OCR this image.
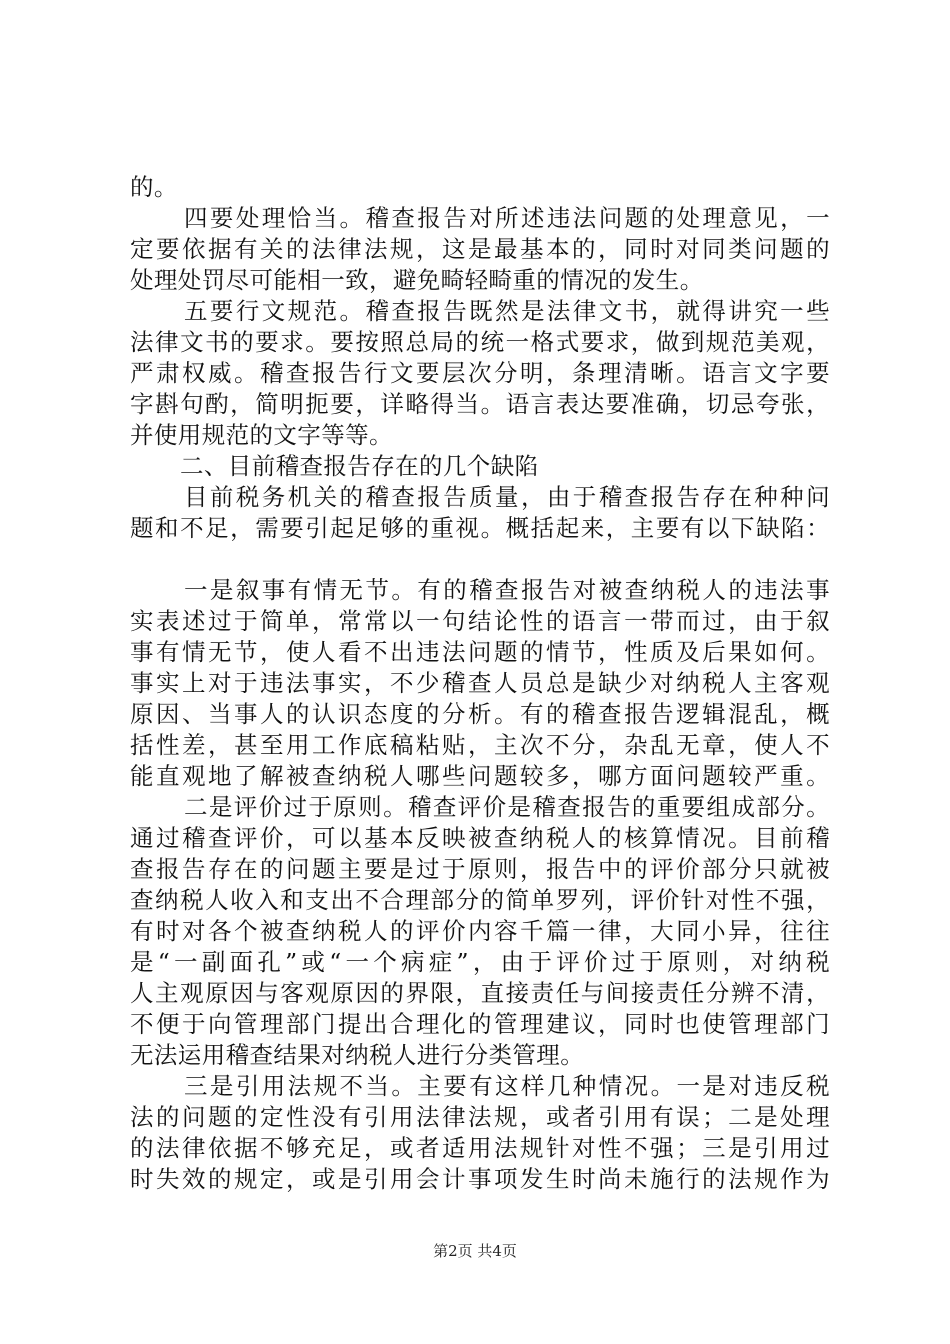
的。
四要处理恰当。稽查报告对所述违法问题的处理意见，一
定要依据有关的法律法规，这是最基本的，同时对同类问题的
处理处罚尽可能相一致，避免畸轻畸重的情况的发生。
五要行文规范。稽查报告既然是法律文书，就得讲究一些
法律文书的要求。要按照总局的统一格式要求，做到规范美观，
严肃权威。稽查报告行文要层次分明，条理清晰。语言文字要
字斟句酌，简明扼要，详略得当。语言表达要准确，切忌夸张，
并使用规范的文字等等。
二、目前稽查报告存在的几个缺陷
目前税务机关的稽查报告质量，由于稽查报告存在种种问
题和不足，需要引起足够的重视。概括起来，主要有以下缺陷：
一是叙事有情无节。有的稽查报告对被查纳税人的违法事
实表述过于简单，常常以一句结论性的语言一带而过，由于叙
事有情无节，使人看不出违法问题的情节，性质及后果如何。
事实上对于违法事实，不少稽查人员总是缺少对纳税人主客观
原因、当事人的认识态度的分析。有的稽查报告逻辑混乱，概
括性差，甚至用工作底稿粘贴，主次不分，杂乱无章，使人不
能直观地了解被查纳税人哪些问题较多，哪方面问题较严重。
二是评价过于原则。稽查评价是稽查报告的重要组成部分。
通过稽查评价，可以基本反映被查纳税人的核算情况。目前稽
查报告存在的问题主要是过于原则，报告中的评价部分只就被
查纳税人收入和支出不合理部分的简单罗列，评价针对性不强，
有时对各个被查纳税人的评价内容千篇一律，大同小异，往往
是“一副面孔”或“一个病症”，由于评价过于原则，对纳税
人主观原因与客观原因的界限，直接责任与间接责任分辨不清，
不便于向管理部门提出合理化的管理建议，同时也使管理部门
无法运用稽查结果对纳税人进行分类管理。
三是引用法规不当。主要有这样几种情况。一是对违反税
法的问题的定性没有引用法律法规，或者引用有误；二是处理
的法律依据不够充足，或者适用法规针对性不强；三是引用过
时失效的规定，或是引用会计事项发生时尚未施行的法规作为
第2页 共4页
